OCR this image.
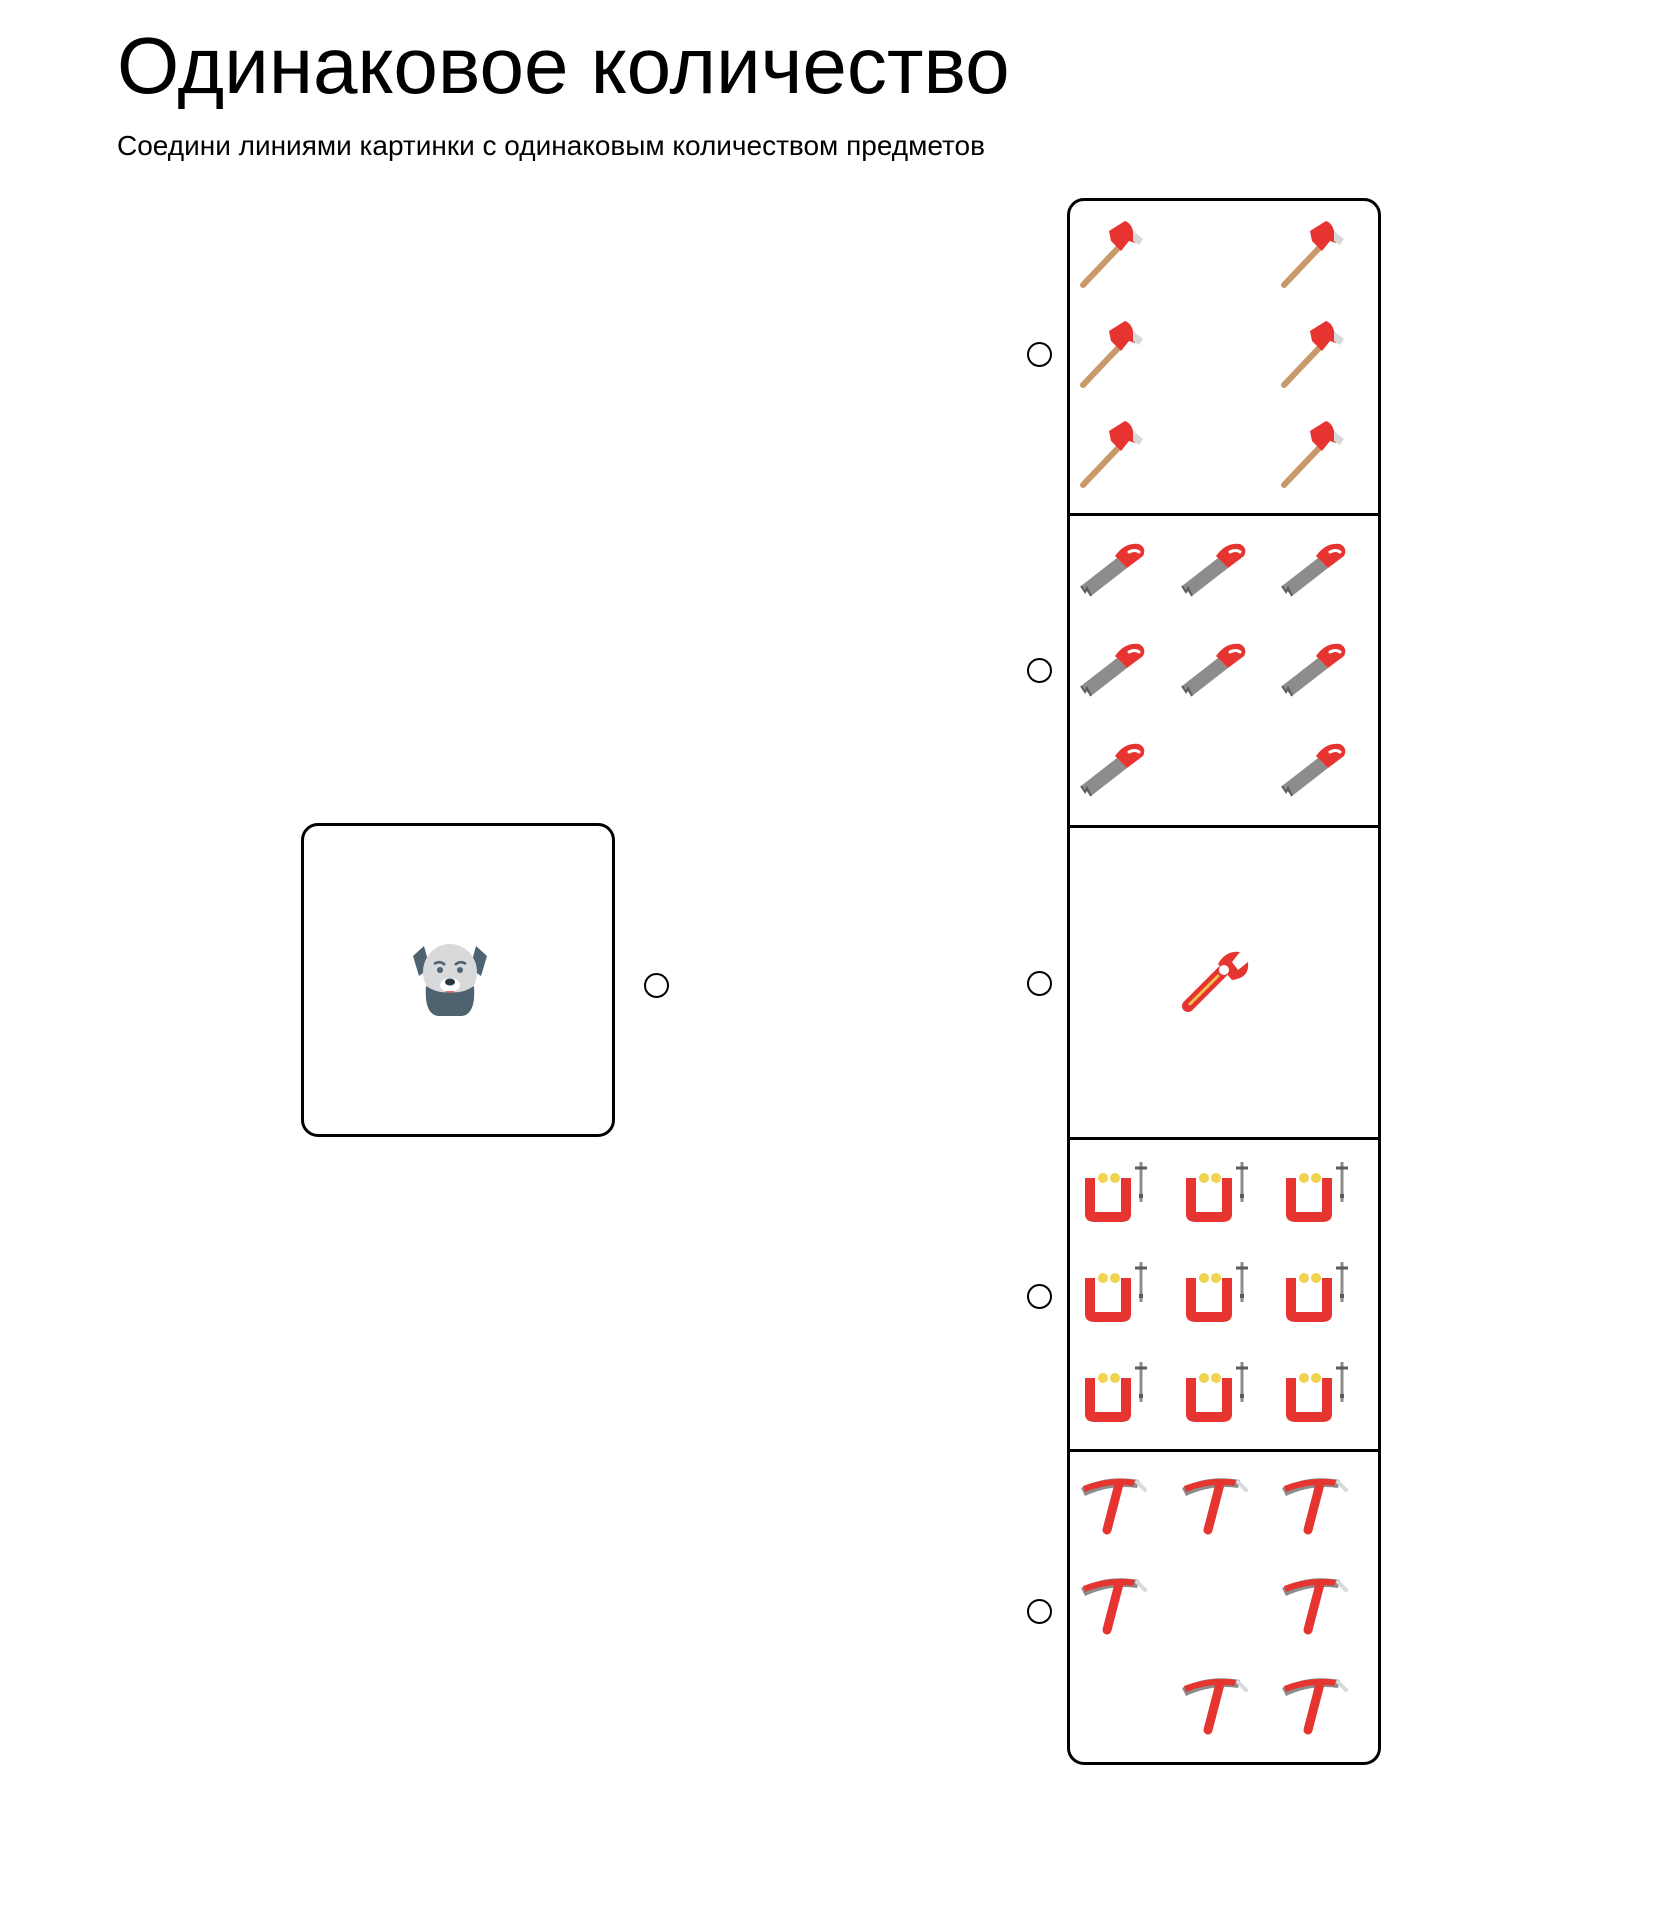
Одинаковое количество
Соедини линиями картинки с одинаковым количеством предметов
